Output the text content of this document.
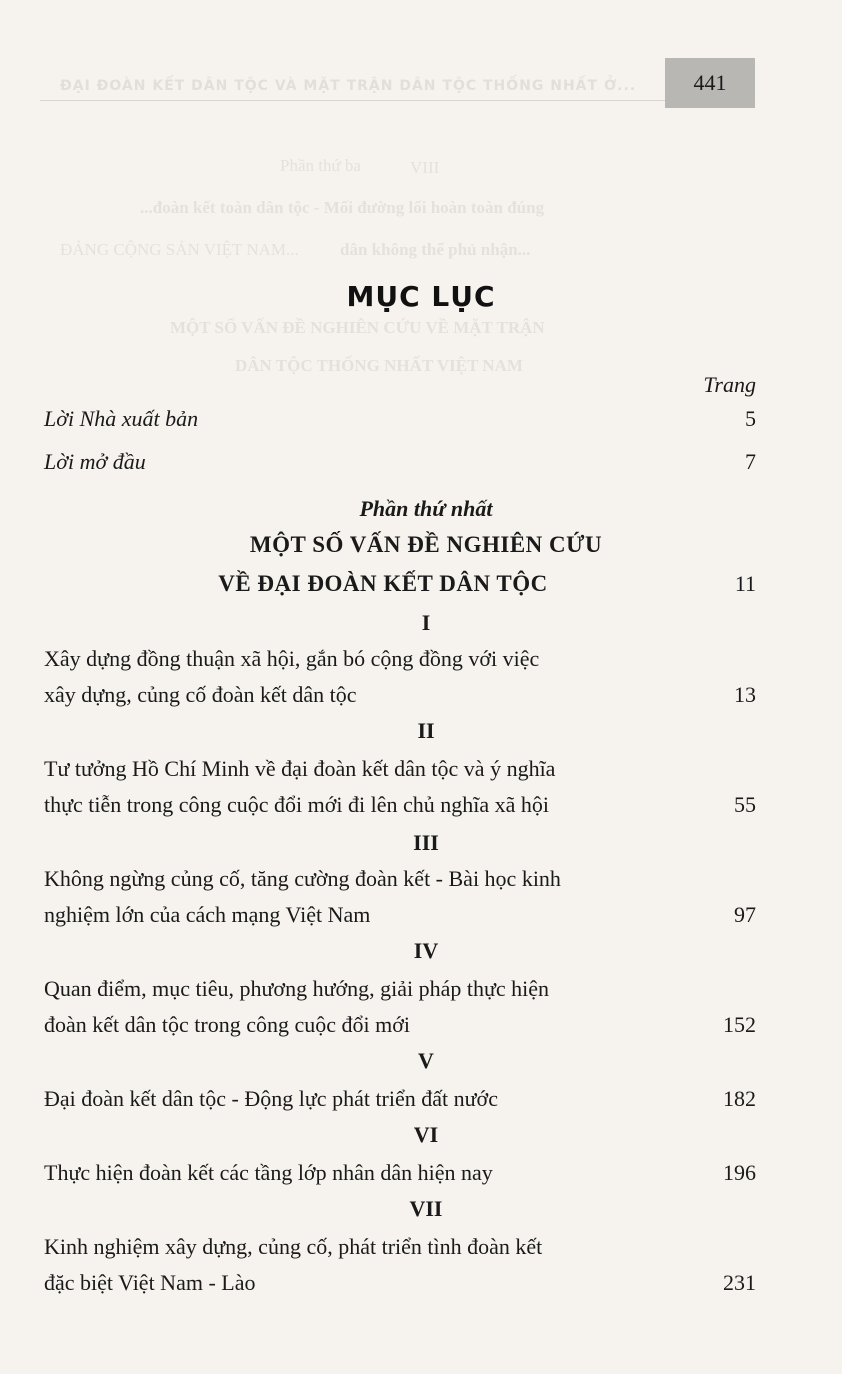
ĐẠI ĐOÀN KẾT DÂN TỘC VÀ MẶT TRẬN DÂN TỘC THỐNG NHẤT Ở...	441
VIII
Phần thứ ba
...đoàn kết toàn dân tộc - Mối đường lối hoàn toàn đúng
dân không thể phủ nhận...
ĐẢNG CỘNG SẢN VIỆT NAM...
MỘT SỐ VẤN ĐỀ NGHIÊN CỨU VỀ MẶT TRẬN
DÂN TỘC THỐNG NHẤT VIỆT NAM
MỤC LỤC
Trang
Lời Nhà xuất bản	5
Lời mở đầu	7
Phần thứ nhất
MỘT SỐ VẤN ĐỀ NGHIÊN CỨU
VỀ ĐẠI ĐOÀN KẾT DÂN TỘC	11
I
Xây dựng đồng thuận xã hội, gắn bó cộng đồng với việc
xây dựng, củng cố đoàn kết dân tộc	13
II
Tư tưởng Hồ Chí Minh về đại đoàn kết dân tộc và ý nghĩa
thực tiễn trong công cuộc đổi mới đi lên chủ nghĩa xã hội	55
III
Không ngừng củng cố, tăng cường đoàn kết - Bài học kinh
nghiệm lớn của cách mạng Việt Nam	97
IV
Quan điểm, mục tiêu, phương hướng, giải pháp thực hiện
đoàn kết dân tộc trong công cuộc đổi mới	152
V
Đại đoàn kết dân tộc - Động lực phát triển đất nước	182
VI
Thực hiện đoàn kết các tầng lớp nhân dân hiện nay	196
VII
Kinh nghiệm xây dựng, củng cố, phát triển tình đoàn kết
đặc biệt Việt Nam - Lào	231
